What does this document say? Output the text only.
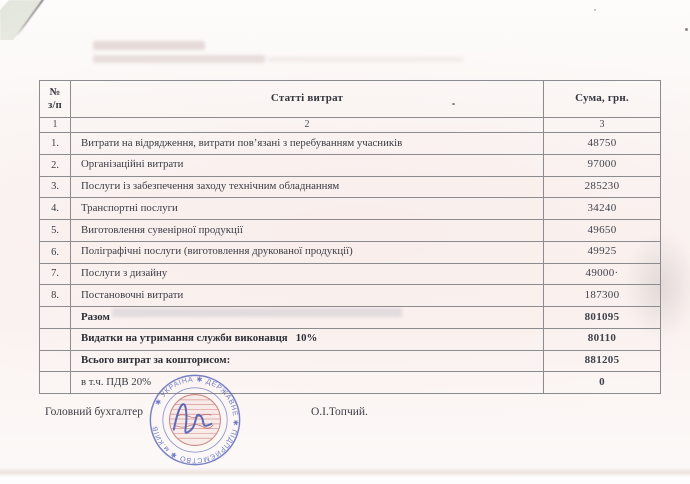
№
з/п	Статті витрат	Сума, грн.
1	2	3
1.	Витрати на відрядження, витрати пов’язані з перебуванням учасників	48750
2.	Організаційні витрати	97000
3.	Послуги із забезпечення заходу технічним обладнанням	285230
4.	Транспортні послуги	34240
5.	Виготовлення сувенірної продукції	49650
6.	Поліграфічні послуги (виготовлення друкованої продукції)	49925
7.	Послуги з дизайну	49000·
8.	Постановочні витрати	187300
	Разом	801095
	Видатки на утримання служби виконавця   10%	80110
	Всього витрат за кошторисом:	881205
	в т.ч. ПДВ 20%	0
Головний бухгалтер	О.І.Топчий.
✱ УКРАЇНА ✱ ДЕРЖАВНЕ ✱ ПІДПРИЄМСТВО ✱ м.КИЇВ
